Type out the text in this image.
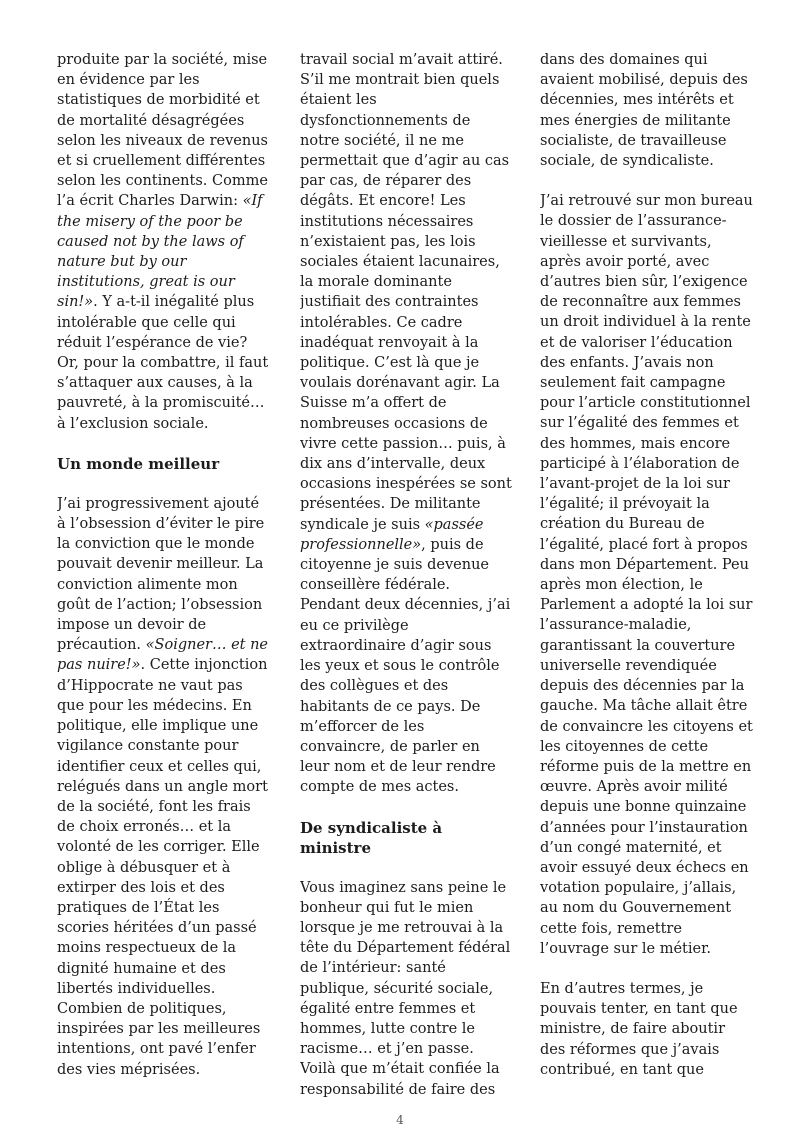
produite par la société, mise en évidence par les statistiques de morbidité et de mortalité désagrégées selon les niveaux de revenus et si cruellement différentes selon les continents. Comme l’a écrit Charles Darwin: «If the misery of the poor be caused not by the laws of nature but by our institutions, great is our sin!». Y a-t-il inégalité plus intolérable que celle qui réduit l’espérance de vie? Or, pour la combattre, il faut s’attaquer aux causes, à la pauvreté, à la promiscuité… à l’exclusion sociale.

Un monde meilleur

J’ai progressivement ajouté à l’obsession d’éviter le pire la conviction que le monde pouvait devenir meilleur. La conviction alimente mon goût de l’action; l’obsession impose un devoir de précaution. «Soigner… et ne pas nuire!». Cette injonction d’Hippocrate ne vaut pas que pour les médecins. En politique, elle implique une vigilance constante pour identifier ceux et celles qui, relégués dans un angle mort de la société, font les frais de choix erronés… et la volonté de les corriger. Elle oblige à débusquer et à extirper des lois et des pratiques de l’État les scories héritées d’un passé moins respectueux de la dignité humaine et des libertés individuelles. Combien de politiques, inspirées par les meilleures intentions, ont pavé l’enfer des vies méprisées.

travail social m’avait attiré. S’il me montrait bien quels étaient les dysfonctionnements de notre société, il ne me permettait que d’agir au cas par cas, de réparer des dégâts. Et encore! Les institutions nécessaires n’existaient pas, les lois sociales étaient lacunaires, la morale dominante justifiait des contraintes intolérables. Ce cadre inadéquat renvoyait à la politique. C’est là que je voulais dorénavant agir. La Suisse m’a offert de nombreuses occasions de vivre cette passion… puis, à dix ans d’intervalle, deux occasions inespérées se sont présentées. De militante syndicale je suis «passée professionnelle», puis de citoyenne je suis devenue conseillère fédérale. Pendant deux décennies, j’ai eu ce privilège extraordinaire d’agir sous les yeux et sous le contrôle des collègues et des habitants de ce pays. De m’efforcer de les convaincre, de parler en leur nom et de leur rendre compte de mes actes.

De syndicaliste à ministre

Vous imaginez sans peine le bonheur qui fut le mien lorsque je me retrouvai à la tête du Département fédéral de l’intérieur: santé publique, sécurité sociale, égalité entre femmes et hommes, lutte contre le racisme… et j’en passe. Voilà que m’était confiée la responsabilité de faire des

dans des domaines qui avaient mobilisé, depuis des décennies, mes intérêts et mes énergies de militante socialiste, de travailleuse sociale, de syndicaliste.

J’ai retrouvé sur mon bureau le dossier de l’assurance-vieillesse et survivants, après avoir porté, avec d’autres bien sûr, l’exigence de reconnaître aux femmes un droit individuel à la rente et de valoriser l’éducation des enfants. J’avais non seulement fait campagne pour l’article constitutionnel sur l’égalité des femmes et des hommes, mais encore participé à l’élaboration de l’avant-projet de la loi sur l’égalité; il prévoyait la création du Bureau de l’égalité, placé fort à propos dans mon Département. Peu après mon élection, le Parlement a adopté la loi sur l’assurance-maladie, garantissant la couverture universelle revendiquée depuis des décennies par la gauche. Ma tâche allait être de convaincre les citoyens et les citoyennes de cette réforme puis de la mettre en œuvre. Après avoir milité depuis une bonne quinzaine d’années pour l’instauration d’un congé maternité, et avoir essuyé deux échecs en votation populaire, j’allais, au nom du Gouvernement cette fois, remettre l’ouvrage sur le métier.

En d’autres termes, je pouvais tenter, en tant que ministre, de faire aboutir des réformes que j’avais contribué, en tant que

4
